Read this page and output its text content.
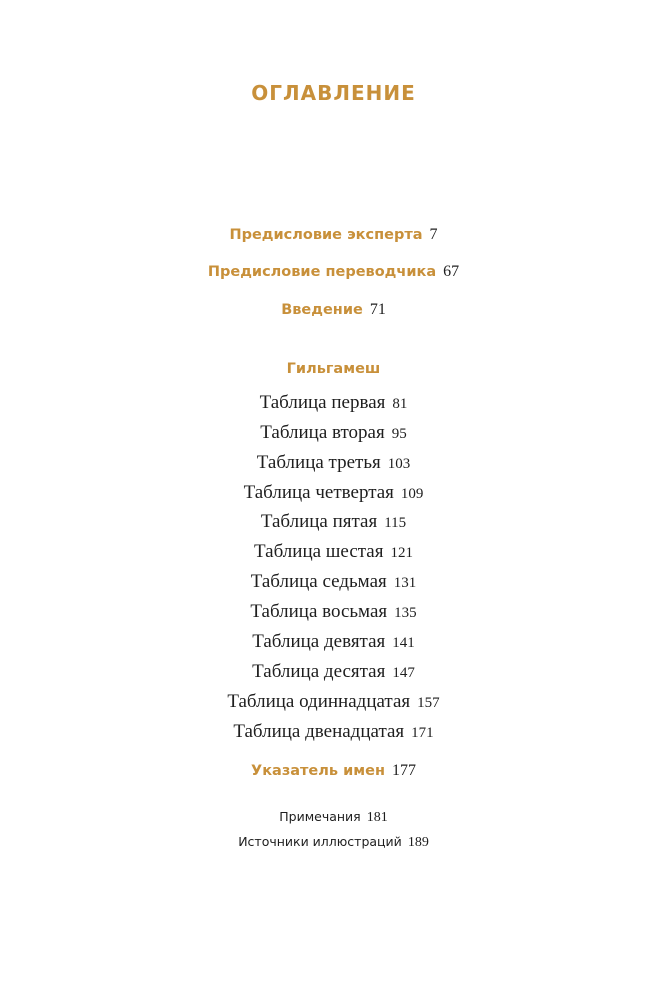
ОГЛАВЛЕНИЕ
Предисловие эксперта 7
Предисловие переводчика 67
Введение 71
Гильгамеш
Таблица первая 81
Таблица вторая 95
Таблица третья 103
Таблица четвертая 109
Таблица пятая 115
Таблица шестая 121
Таблица седьмая 131
Таблица восьмая 135
Таблица девятая 141
Таблица десятая 147
Таблица одиннадцатая 157
Таблица двенадцатая 171
Указатель имен 177
Примечания 181
Источники иллюстраций 189
